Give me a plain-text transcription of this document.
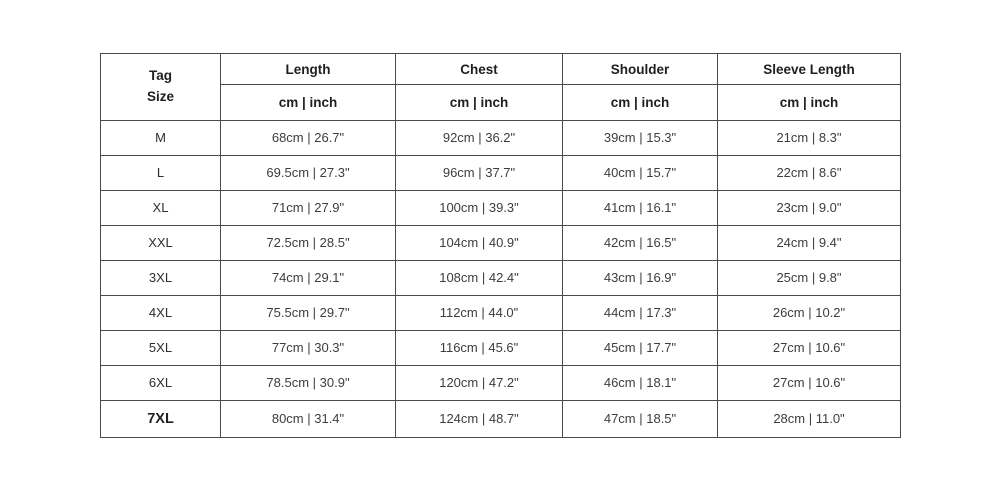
Tag
Size	Length	Chest	Shoulder	Sleeve Length
	cm | inch	cm | inch	cm | inch	cm | inch
M	68cm | 26.7"	92cm | 36.2"	39cm | 15.3"	21cm | 8.3"
L	69.5cm | 27.3"	96cm | 37.7"	40cm | 15.7"	22cm | 8.6"
XL	71cm | 27.9"	100cm | 39.3"	41cm | 16.1"	23cm | 9.0"
XXL	72.5cm | 28.5"	104cm | 40.9"	42cm | 16.5"	24cm | 9.4"
3XL	74cm | 29.1"	108cm | 42.4"	43cm | 16.9"	25cm | 9.8"
4XL	75.5cm | 29.7"	112cm | 44.0"	44cm | 17.3"	26cm | 10.2"
5XL	77cm | 30.3"	116cm | 45.6"	45cm | 17.7"	27cm | 10.6"
6XL	78.5cm | 30.9"	120cm | 47.2"	46cm | 18.1"	27cm | 10.6"
7XL	80cm | 31.4"	124cm | 48.7"	47cm | 18.5"	28cm | 11.0"
